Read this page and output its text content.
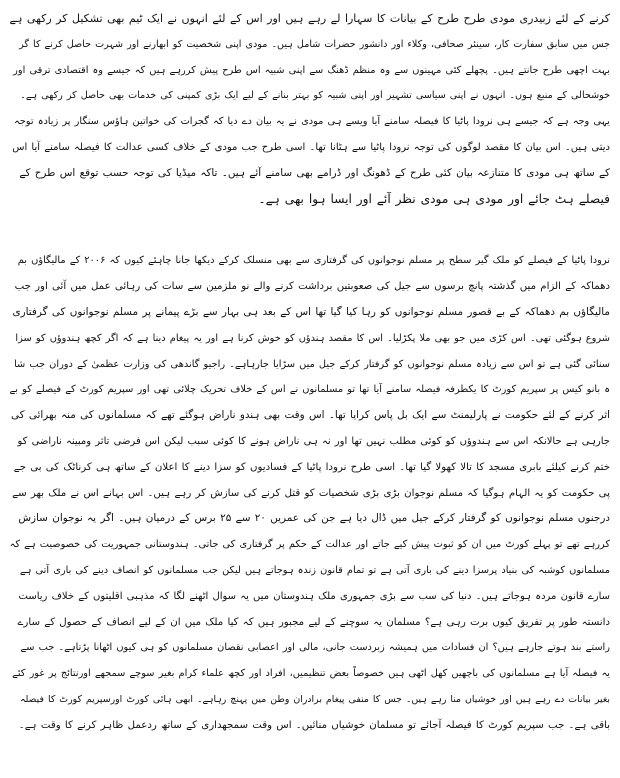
کرنے کے لئے زبیدری مودی طرح طرح کے بیانات کا سہارا لے رہے ہیں اور اس کے لئے انہوں نے ایک ٹیم بھی تشکیل کر رکھی ہے
جس میں سابق سفارت کار، سینئر صحافی، وکلاء اور دانشور حضرات شامل ہیں۔ مودی اپنی شخصیت کو ابھارنے اور شہرت حاصل کرنے کا گر
بہت اچھی طرح جانتے ہیں۔ پچھلے کئی مہینوں سے وہ منظم ڈھنگ سے اپنی شبیہ اس طرح پیش کررہے ہیں کہ جیسے وہ اقتصادی ترقی اور
خوشحالی کے منبع ہوں۔ انہوں نے اپنی سیاسی تشہیر اور اپنی شبیہ کو بہتر بنانے کے لیے ایک بڑی کمپنی کی خدمات بھی حاصل کر رکھی ہے۔
یہی وجہ ہے کہ جیسے ہی نرودا پاٹیا کا فیصلہ سامنے آیا ویسے ہی مودی نے یہ بیان دے دیا کہ گجرات کی خواتین ہاؤس سنگار پر زیادہ توجہ
دیتی ہیں۔ اس بیان کا مقصد لوگوں کی توجہ نرودا پاٹیا سے ہٹانا تھا۔ اسی طرح جب مودی کے خلاف کسی عدالت کا فیصلہ سامنے آیا اس
کے ساتھ ہی مودی کا متنازعہ بیان کئی طرح کے ڈھونگ اور ڈرامے بھی سامنے آئے ہیں۔ تاکہ میڈیا کی توجہ حسب توقع اس طرح کے
فیصلے ہٹ جائے اور مودی ہی مودی نظر آئے اور ایسا ہوا بھی ہے۔
نرودا پاٹیا کے فیصلے کو ملک گیر سطح پر مسلم نوجوانوں کی گرفتاری سے بھی منسلک کرکے دیکھا جانا چاہئے کیوں کہ ۲۰۰۶ کے مالیگاؤں بم
دھماکہ کے الزام میں گذشتہ پانچ برسوں سے جیل کی صعوبتیں برداشت کرنے والے نو ملزمین سے سات کی رہائی عمل میں آئی اور جب
مالیگاؤں بم دھماکہ کے بے قصور مسلم نوجوانوں کو رہا کیا گیا تھا اس کے بعد ہی بہار سے بڑے پیمانے پر مسلم نوجوانوں کی گرفتاری
شروع ہوگئی تھی۔ اس کڑی میں جو بھی ملا پکڑلیا۔ اس کا مقصد ہندؤں کو خوش کرنا ہے اور یہ پیغام دینا ہے کہ اگر کچھ ہندوؤں کو سزا
سنائی گئی ہے تو اس سے زیادہ مسلم نوجوانوں کو گرفتار کرکے جیل میں سڑایا جارہاہے۔ راجیو گاندھی کی وزارت عظمیٰ کے دوران جب شا
ہ بانو کیس پر سپریم کورٹ کا یکطرفہ فیصلہ سامنے آیا تھا تو مسلمانوں نے اس کے خلاف تحریک چلائی تھی اور سپریم کورٹ کے فیصلے کو بے
اثر کرنے کے لئے حکومت نے پارلیمنٹ سے ایک بل پاس کرایا تھا۔ اس وقت بھی ہندو ناراض ہوگئے تھے کہ مسلمانوں کی منہ بھرائی کی
جارہی ہے حالانکہ اس سے ہندوؤں کو کوئی مطلب نہیں تھا اور نہ ہی ناراض ہونے کا کوئی سبب لیکن اس فرضی تاثر ومبینہ ناراضی کو
ختم کرنے کیلئے بابری مسجد کا تالا کھولا گیا تھا۔ اسی طرح نرودا پاٹیا کے فسادیوں کو سزا دینے کا اعلان کے ساتھ ہی کرناٹک کی بی جے
پی حکومت کو یہ الہام ہوگیا کہ مسلم نوجوان بڑی بڑی شخصیات کو قتل کرنے کی سازش کر رہے ہیں۔ اس بہانے اس نے ملک بھر سے
درجنوں مسلم نوجوانوں کو گرفتار کرکے جیل میں ڈال دیا ہے جن کی عمریں ۲۰ سے ۲۵ برس کے درمیان ہیں۔ اگر یہ نوجوان سازش
کررہے تھے تو پہلے کورٹ میں ان کو ثبوت پیش کیے جاتے اور عدالت کے حکم پر گرفتاری کی جاتی۔ ہندوستانی جمہوریت کی خصوصیت ہے کہ
مسلمانوں کوشبہ کی بنیاد پرسزا دینے کی باری آتی ہے تو تمام قانون زندہ ہوجاتے ہیں لیکن جب مسلمانوں کو انصاف دینے کی باری آتی ہے
سارے قانون مردہ ہوجاتے ہیں۔ دنیا کی سب سے بڑی جمہوری ملک ہندوستان میں یہ سوال اٹھنے لگا کہ مذہبی اقلیتوں کے خلاف ریاست
دانستہ طور پر تفریق کیوں برت رہی ہے؟ مسلمان یہ سوچنے کے لیے مجبور ہیں کہ کیا ملک میں ان کے لیے انصاف کے حصول کے سارے
راستے بند ہوتے جارہے ہیں؟ ان فسادات میں ہمیشہ زبردست جانی، مالی اور اعصابی نقصان مسلمانوں کو ہی کیوں اٹھانا پڑتاہے۔ جب سے
یہ فیصلہ آیا ہے مسلمانوں کی باچھیں کھل اٹھی ہیں خصوصاً بعض تنظیمیں، افراد اور کچھ علماء کرام بغیر سوچے سمجھے اورنتائج پر غور کئے
بغیر بیانات دے رہے ہیں اور خوشیاں منا رہے ہیں۔ جس کا منفی پیغام برادران وطن میں پہنچ رہاہے۔ ابھی ہائی کورٹ اورسپریم کورٹ کا فیصلہ
باقی ہے۔ جب سپریم کورٹ کا فیصلہ آجائے تو مسلمان خوشیاں منائیں۔ اس وقت سمجھداری کے ساتھ ردعمل ظاہر کرنے کا وقت ہے۔
